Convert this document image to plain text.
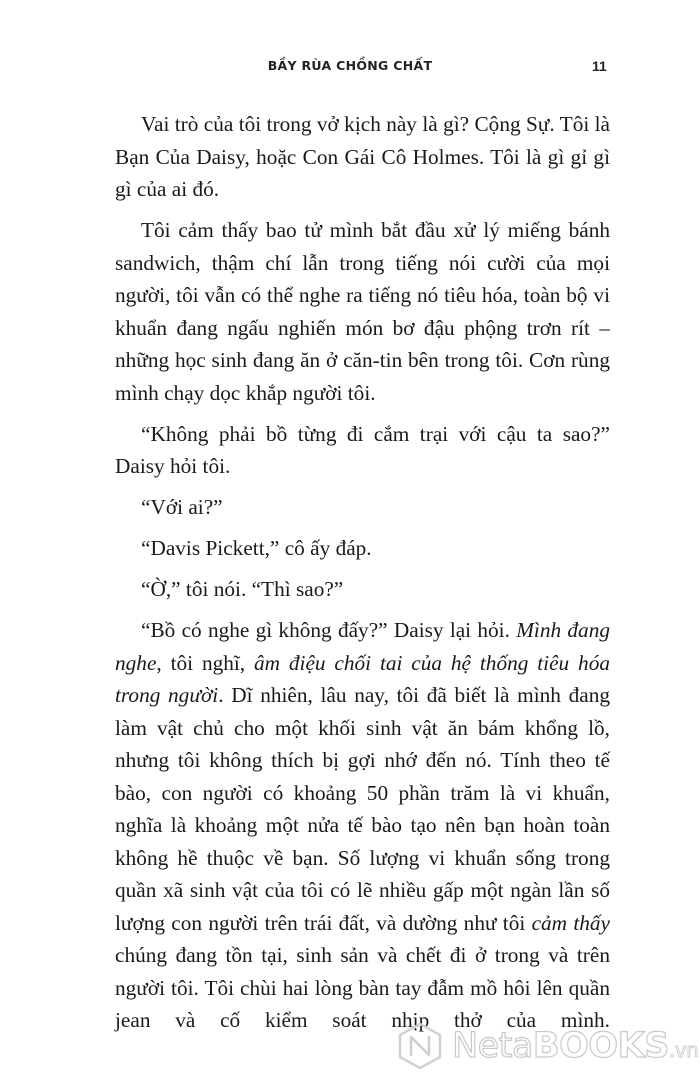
BẦY RÙA CHỒNG CHẤT	11

Vai trò của tôi trong vở kịch này là gì? Cộng Sự. Tôi là Bạn Của Daisy, hoặc Con Gái Cô Holmes. Tôi là gì gỉ gì gì của ai đó.

Tôi cảm thấy bao tử mình bắt đầu xử lý miếng bánh sandwich, thậm chí lẫn trong tiếng nói cười của mọi người, tôi vẫn có thể nghe ra tiếng nó tiêu hóa, toàn bộ vi khuẩn đang ngấu nghiến món bơ đậu phộng trơn rít – những học sinh đang ăn ở căn-tin bên trong tôi. Cơn rùng mình chạy dọc khắp người tôi.

“Không phải bồ từng đi cắm trại với cậu ta sao?” Daisy hỏi tôi.

“Với ai?”

“Davis Pickett,” cô ấy đáp.

“Ờ,” tôi nói. “Thì sao?”

“Bồ có nghe gì không đấy?” Daisy lại hỏi. Mình đang nghe, tôi nghĩ, âm điệu chối tai của hệ thống tiêu hóa trong người. Dĩ nhiên, lâu nay, tôi đã biết là mình đang làm vật chủ cho một khối sinh vật ăn bám khổng lồ, nhưng tôi không thích bị gợi nhớ đến nó. Tính theo tế bào, con người có khoảng 50 phần trăm là vi khuẩn, nghĩa là khoảng một nửa tế bào tạo nên bạn hoàn toàn không hề thuộc về bạn. Số lượng vi khuẩn sống trong quần xã sinh vật của tôi có lẽ nhiều gấp một ngàn lần số lượng con người trên trái đất, và dường như tôi cảm thấy chúng đang tồn tại, sinh sản và chết đi ở trong và trên người tôi. Tôi chùi hai lòng bàn tay đẫm mồ hôi lên quần jean và cố kiểm soát nhịp thở của mình.

NetaBOOKS.vn
